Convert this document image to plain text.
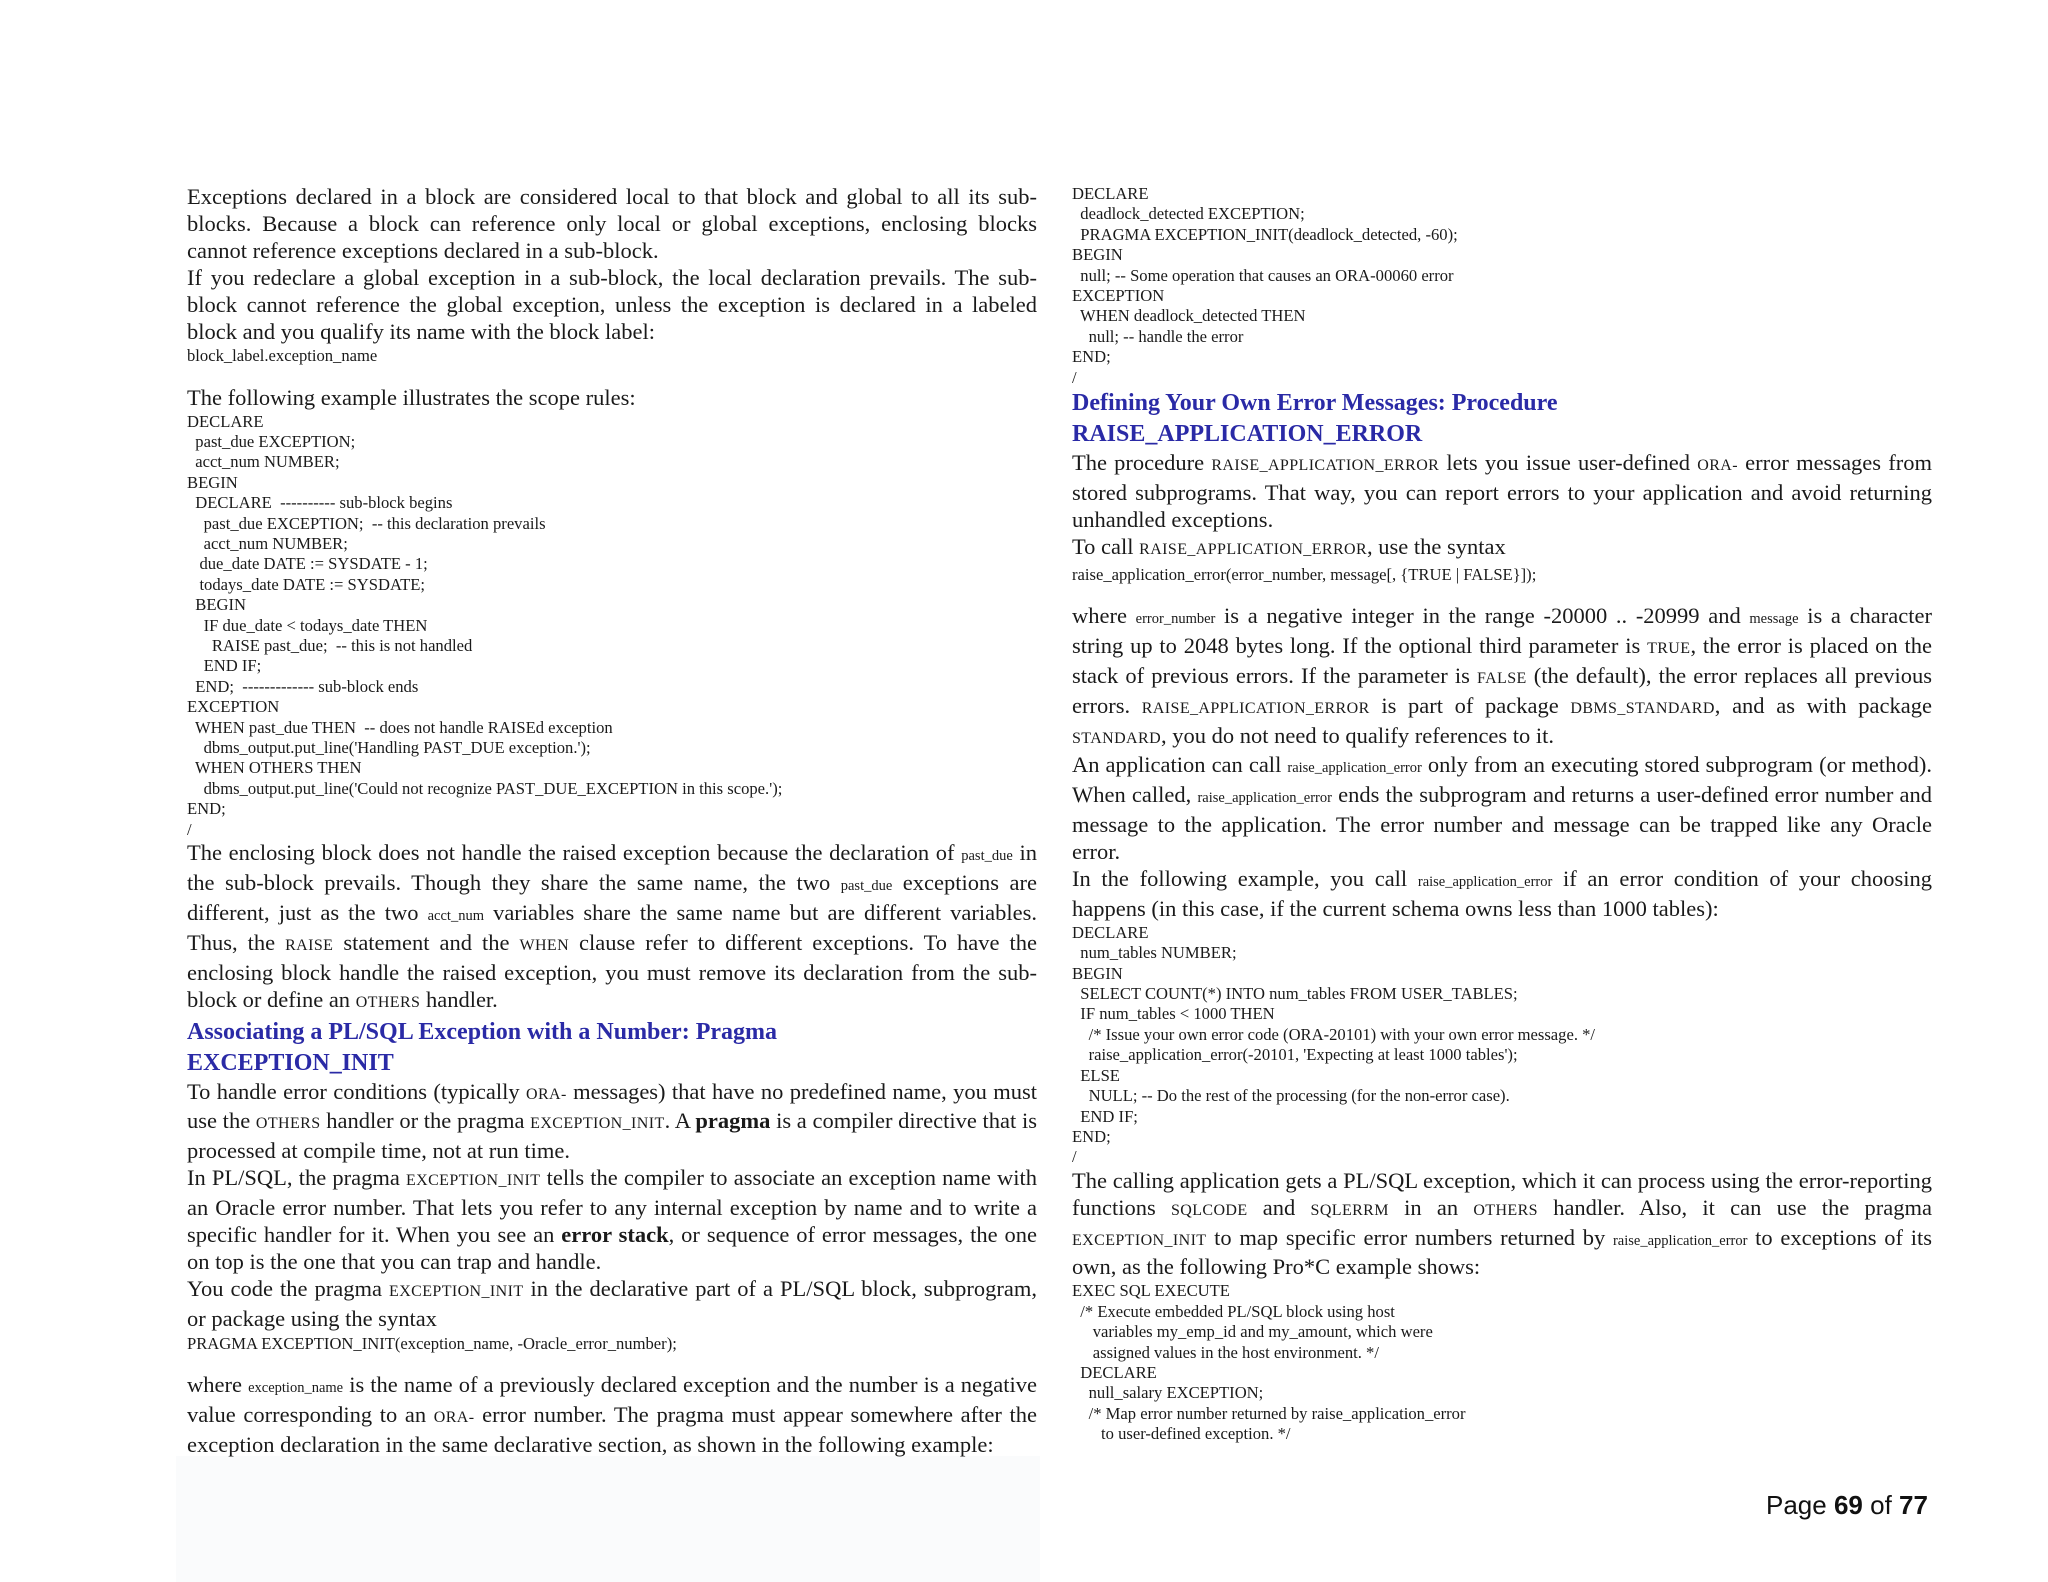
Exceptions declared in a block are considered local to that block and global to all its sub-blocks. Because a block can reference only local or global exceptions, enclosing blocks cannot reference exceptions declared in a sub-block.

If you redeclare a global exception in a sub-block, the local declaration prevails. The sub-block cannot reference the global exception, unless the exception is declared in a labeled block and you qualify its name with the block label:

block_label.exception_name

The following example illustrates the scope rules:

DECLARE
past_due EXCEPTION;
acct_num NUMBER;
BEGIN
DECLARE  ---------- sub-block begins
past_due EXCEPTION;  -- this declaration prevails
acct_num NUMBER;
due_date DATE := SYSDATE - 1;
todays_date DATE := SYSDATE;
BEGIN
IF due_date < todays_date THEN
RAISE past_due;  -- this is not handled
END IF;
END;  ------------- sub-block ends
EXCEPTION
WHEN past_due THEN  -- does not handle RAISEd exception
dbms_output.put_line('Handling PAST_DUE exception.');
WHEN OTHERS THEN
dbms_output.put_line('Could not recognize PAST_DUE_EXCEPTION in this scope.');
END;
/

The enclosing block does not handle the raised exception because the declaration of past_due in the sub-block prevails. Though they share the same name, the two past_due exceptions are different, just as the two acct_num variables share the same name but are different variables. Thus, the RAISE statement and the WHEN clause refer to different exceptions. To have the enclosing block handle the raised exception, you must remove its declaration from the sub-block or define an OTHERS handler.

Associating a PL/SQL Exception with a Number: Pragma
EXCEPTION_INIT

To handle error conditions (typically ORA- messages) that have no predefined name, you must use the OTHERS handler or the pragma EXCEPTION_INIT. A pragma is a compiler directive that is processed at compile time, not at run time.

In PL/SQL, the pragma EXCEPTION_INIT tells the compiler to associate an exception name with an Oracle error number. That lets you refer to any internal exception by name and to write a specific handler for it. When you see an error stack, or sequence of error messages, the one on top is the one that you can trap and handle.

You code the pragma EXCEPTION_INIT in the declarative part of a PL/SQL block, subprogram, or package using the syntax

PRAGMA EXCEPTION_INIT(exception_name, -Oracle_error_number);

where exception_name is the name of a previously declared exception and the number is a negative value corresponding to an ORA- error number. The pragma must appear somewhere after the exception declaration in the same declarative section, as shown in the following example:

DECLARE
deadlock_detected EXCEPTION;
PRAGMA EXCEPTION_INIT(deadlock_detected, -60);
BEGIN
null; -- Some operation that causes an ORA-00060 error
EXCEPTION
WHEN deadlock_detected THEN
null; -- handle the error
END;
/

Defining Your Own Error Messages: Procedure
RAISE_APPLICATION_ERROR

The procedure RAISE_APPLICATION_ERROR lets you issue user-defined ORA- error messages from stored subprograms. That way, you can report errors to your application and avoid returning unhandled exceptions.

To call RAISE_APPLICATION_ERROR, use the syntax

raise_application_error(error_number, message[, {TRUE | FALSE}]);

where error_number is a negative integer in the range -20000 .. -20999 and message is a character string up to 2048 bytes long. If the optional third parameter is TRUE, the error is placed on the stack of previous errors. If the parameter is FALSE (the default), the error replaces all previous errors. RAISE_APPLICATION_ERROR is part of package DBMS_STANDARD, and as with package STANDARD, you do not need to qualify references to it.

An application can call raise_application_error only from an executing stored subprogram (or method). When called, raise_application_error ends the subprogram and returns a user-defined error number and message to the application. The error number and message can be trapped like any Oracle error.

In the following example, you call raise_application_error if an error condition of your choosing happens (in this case, if the current schema owns less than 1000 tables):

DECLARE
num_tables NUMBER;
BEGIN
SELECT COUNT(*) INTO num_tables FROM USER_TABLES;
IF num_tables < 1000 THEN
/* Issue your own error code (ORA-20101) with your own error message. */
raise_application_error(-20101, 'Expecting at least 1000 tables');
ELSE
NULL; -- Do the rest of the processing (for the non-error case).
END IF;
END;
/

The calling application gets a PL/SQL exception, which it can process using the error-reporting functions SQLCODE and SQLERRM in an OTHERS handler. Also, it can use the pragma EXCEPTION_INIT to map specific error numbers returned by raise_application_error to exceptions of its own, as the following Pro*C example shows:

EXEC SQL EXECUTE
/* Execute embedded PL/SQL block using host
variables my_emp_id and my_amount, which were
assigned values in the host environment. */
DECLARE
null_salary EXCEPTION;
/* Map error number returned by raise_application_error
to user-defined exception. */

Page 69 of 77
